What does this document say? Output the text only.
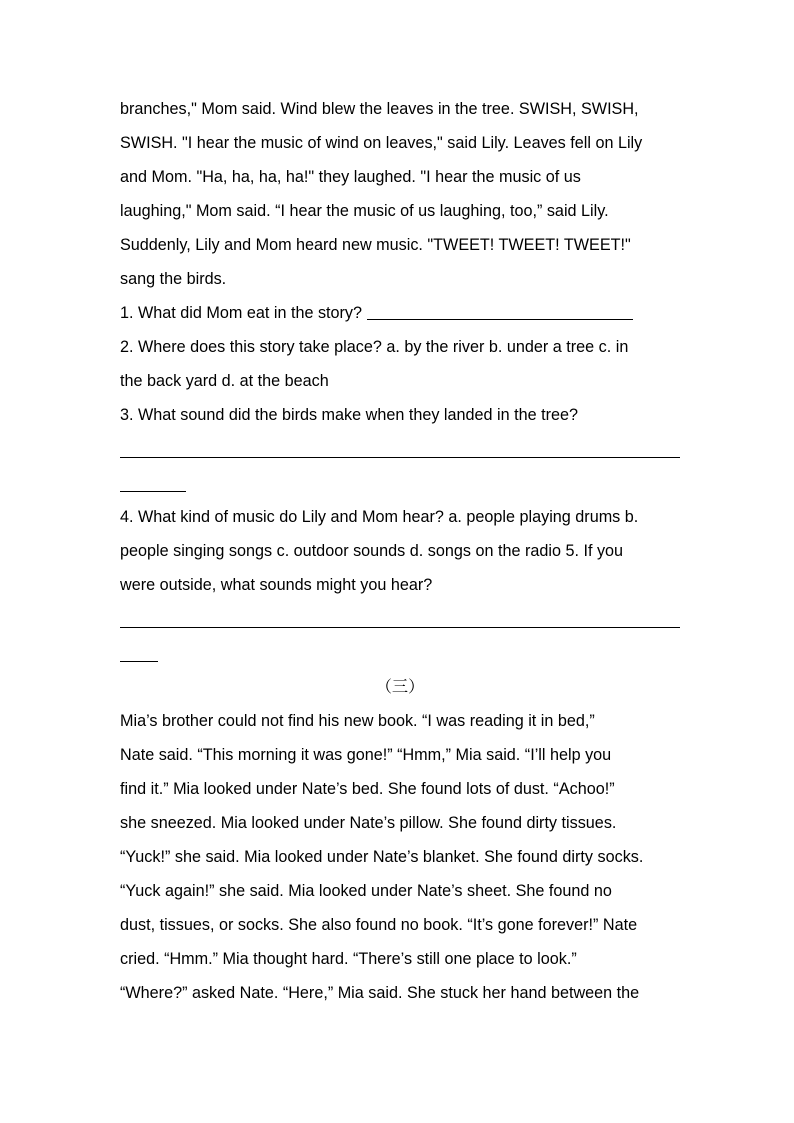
branches," Mom said. Wind blew the leaves in the tree. SWISH, SWISH,
SWISH. "I hear the music of wind on leaves," said Lily. Leaves fell on Lily
and Mom. "Ha, ha, ha, ha!" they laughed. "I hear the music of us
laughing," Mom said. “I hear the music of us laughing, too,” said Lily.
Suddenly, Lily and Mom heard new music. "TWEET! TWEET! TWEET!"
sang the birds.
1. What did Mom eat in the story?
2. Where does this story take place? a. by the river b. under a tree c. in
the back yard d. at the beach
3. What sound did the birds make when they landed in the tree?
4. What kind of music do Lily and Mom hear? a. people playing drums b.
people singing songs c. outdoor sounds d. songs on the radio 5. If you
were outside, what sounds might you hear?
（三）
Mia’s brother could not find his new book. “I was reading it in bed,”
Nate said. “This morning it was gone!” “Hmm,” Mia said. “I’ll help you
find it.” Mia looked under Nate’s bed. She found lots of dust. “Achoo!”
she sneezed. Mia looked under Nate’s pillow. She found dirty tissues.
“Yuck!” she said. Mia looked under Nate’s blanket. She found dirty socks.
“Yuck again!” she said. Mia looked under Nate’s sheet. She found no
dust, tissues, or socks. She also found no book. “It’s gone forever!” Nate
cried. “Hmm.” Mia thought hard. “There’s still one place to look.”
“Where?” asked Nate. “Here,” Mia said. She stuck her hand between the
